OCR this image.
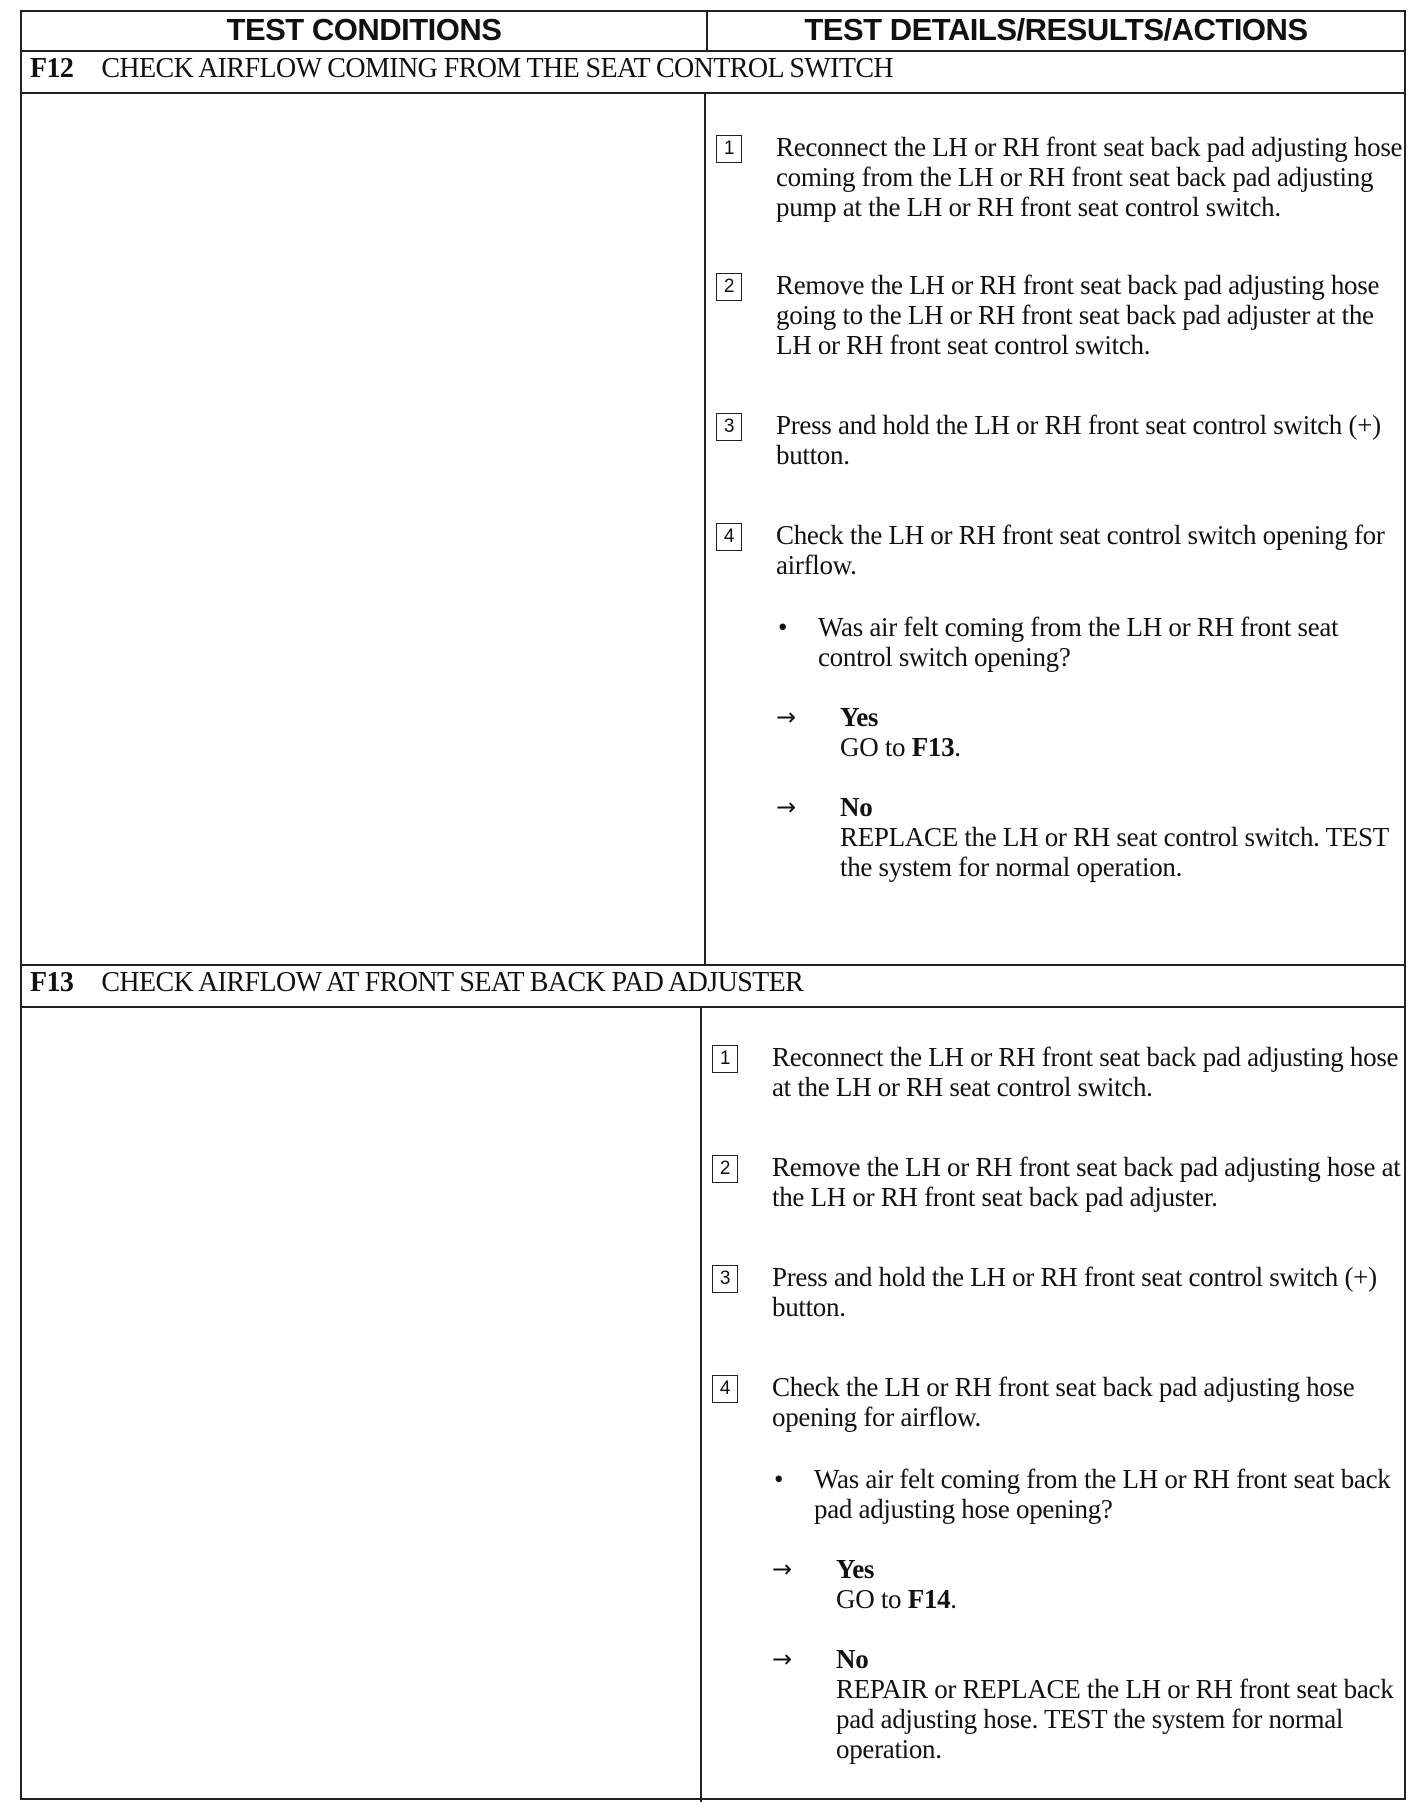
TEST CONDITIONS	TEST DETAILS/RESULTS/ACTIONS
F12 CHECK AIRFLOW COMING FROM THE SEAT CONTROL SWITCH
1 Reconnect the LH or RH front seat back pad adjusting hose coming from the LH or RH front seat back pad adjusting pump at the LH or RH front seat control switch.
2 Remove the LH or RH front seat back pad adjusting hose going to the LH or RH front seat back pad adjuster at the LH or RH front seat control switch.
3 Press and hold the LH or RH front seat control switch (+) button.
4 Check the LH or RH front seat control switch opening for airflow.
• Was air felt coming from the LH or RH front seat control switch opening?
→ Yes
GO to F13.
→ No
REPLACE the LH or RH seat control switch. TEST the system for normal operation.
F13 CHECK AIRFLOW AT FRONT SEAT BACK PAD ADJUSTER
1 Reconnect the LH or RH front seat back pad adjusting hose at the LH or RH seat control switch.
2 Remove the LH or RH front seat back pad adjusting hose at the LH or RH front seat back pad adjuster.
3 Press and hold the LH or RH front seat control switch (+) button.
4 Check the LH or RH front seat back pad adjusting hose opening for airflow.
• Was air felt coming from the LH or RH front seat back pad adjusting hose opening?
→ Yes
GO to F14.
→ No
REPAIR or REPLACE the LH or RH front seat back pad adjusting hose. TEST the system for normal operation.
